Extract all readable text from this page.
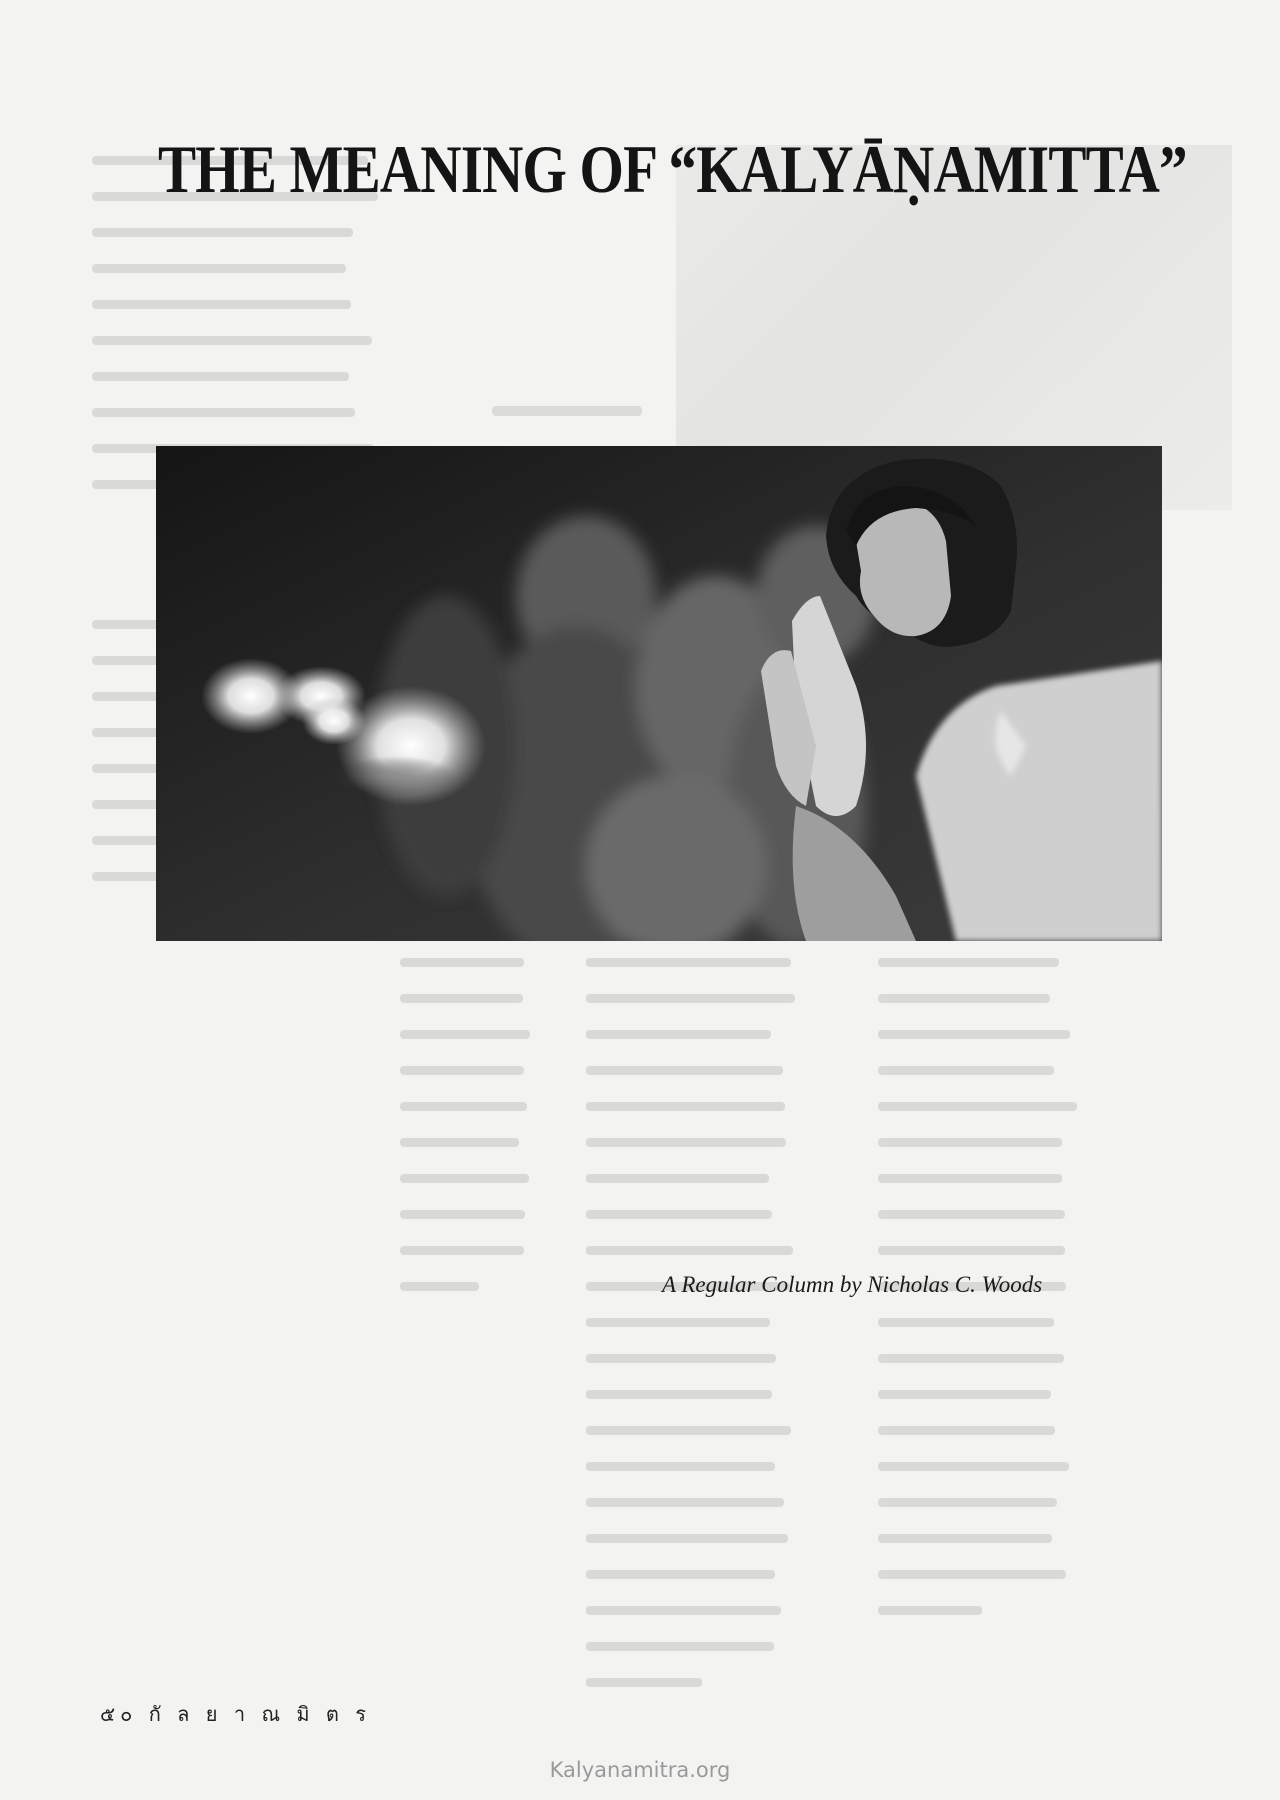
THE MEANING OF “KALYĀṆAMITTA”

A Regular Column by Nicholas C. Woods

๕๐ กั ล ย า ณ มิ ต ร

Kalyanamitra.org
